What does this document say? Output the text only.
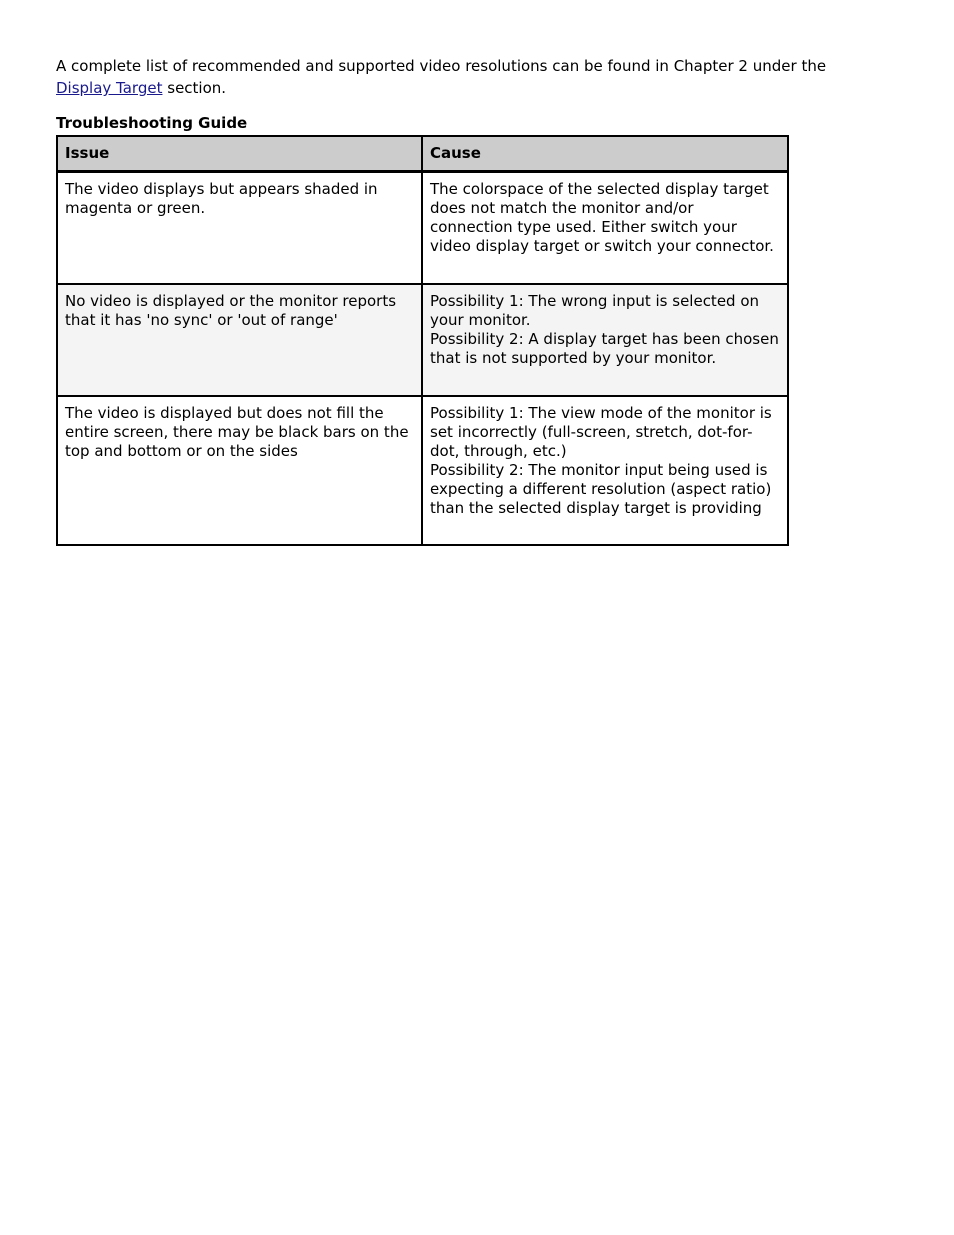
A complete list of recommended and supported video resolutions can be found in Chapter 2 under the
Display Target section.

Troubleshooting Guide
Issue	Cause
The video displays but appears shaded in magenta or green.	The colorspace of the selected display target does not match the monitor and/or connection type used. Either switch your video display target or switch your connector.

No video is displayed or the monitor reports that it has 'no sync' or 'out of range'	Possibility 1: The wrong input is selected on your monitor.
Possibility 2: A display target has been chosen that is not supported by your monitor.

The video is displayed but does not fill the entire screen, there may be black bars on the top and bottom or on the sides	Possibility 1: The view mode of the monitor is set incorrectly (full-screen, stretch, dot-for-dot, through, etc.)
Possibility 2: The monitor input being used is expecting a different resolution (aspect ratio) than the selected display target is providing
